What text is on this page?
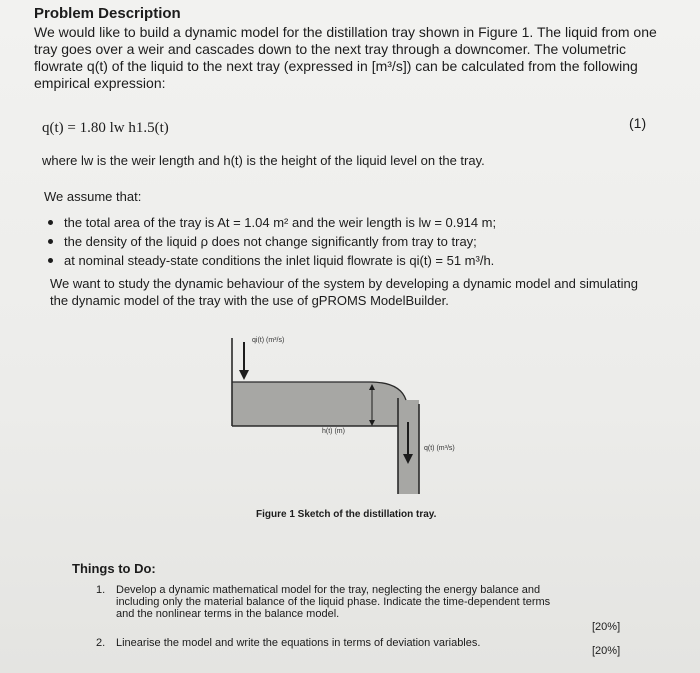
Problem Description
We would like to build a dynamic model for the distillation tray shown in Figure 1. The liquid from one tray goes over a weir and cascades down to the next tray through a downcomer. The volumetric flowrate q(t) of the liquid to the next tray (expressed in [m³/s]) can be calculated from the following empirical expression:
q(t) = 1.80 lw h1.5(t)	(1)
where lw is the weir length and h(t) is the height of the liquid level on the tray.
We assume that:
the total area of the tray is At = 1.04 m² and the weir length is lw = 0.914 m;
the density of the liquid ρ does not change significantly from tray to tray;
at nominal steady-state conditions the inlet liquid flowrate is qi(t) = 51 m³/h.
We want to study the dynamic behaviour of the system by developing a dynamic model and simulating the dynamic model of the tray with the use of gPROMS ModelBuilder.
qi(t) (m³/s)
h(t) (m)
q(t) (m³/s)
Figure 1 Sketch of the distillation tray.
Things to Do:
1. Develop a dynamic mathematical model for the tray, neglecting the energy balance and
including only the material balance of the liquid phase. Indicate the time-dependent terms
and the nonlinear terms in the balance model.
[20%]
2. Linearise the model and write the equations in terms of deviation variables.
[20%]
